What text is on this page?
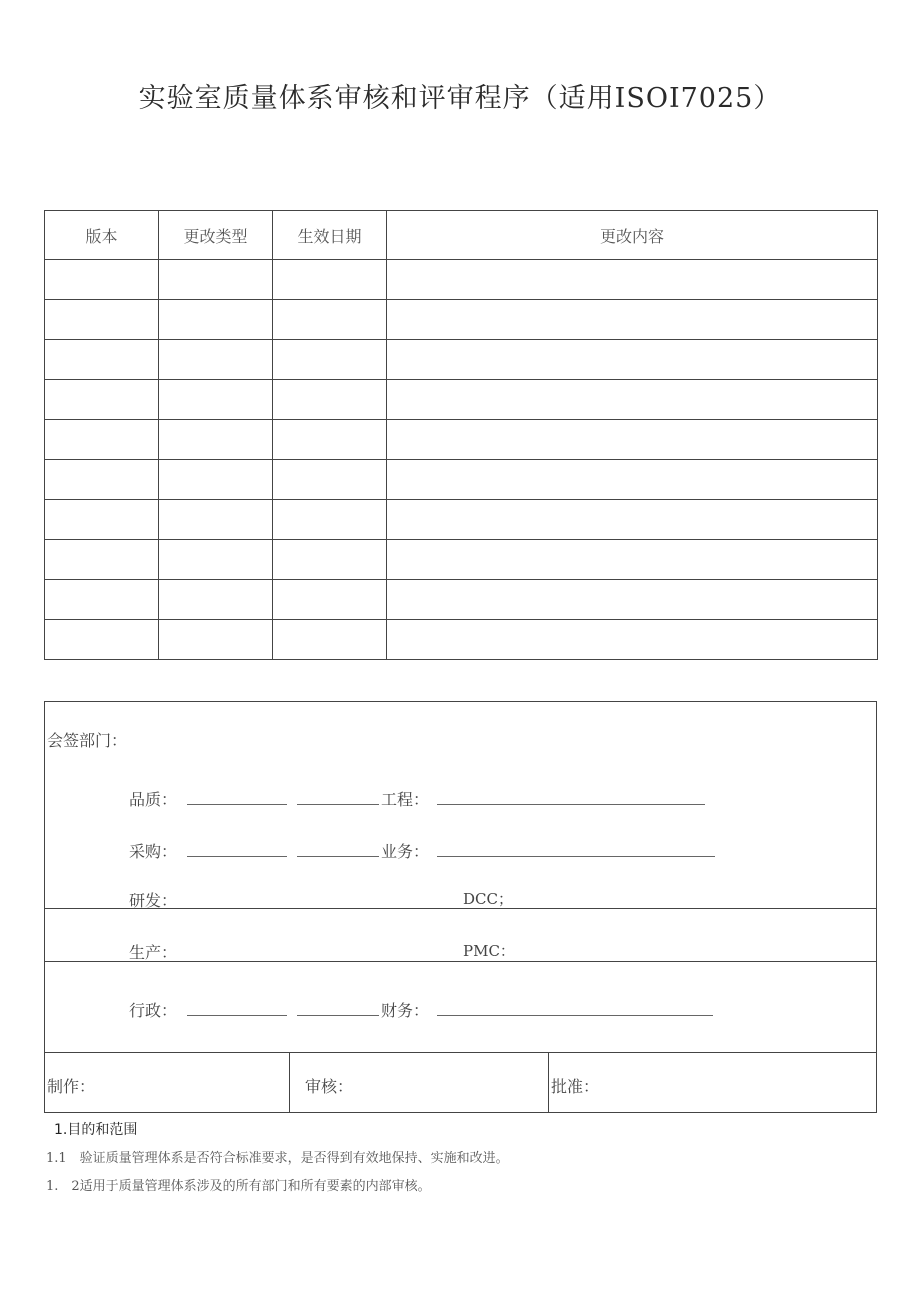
实验室质量体系审核和评审程序（适用ISOI7025）
版本	更改类型	生效日期	更改内容

会签部门：
品质：	工程：
采购：	业务：
研发：	DCC；
生产：	PMC：
行政：	财务：
制作：	审核：	批准：
1.目的和范围
1.1　验证质量管理体系是否符合标准要求，是否得到有效地保持、实施和改进。
1.　2适用于质量管理体系涉及的所有部门和所有要素的内部审核。
